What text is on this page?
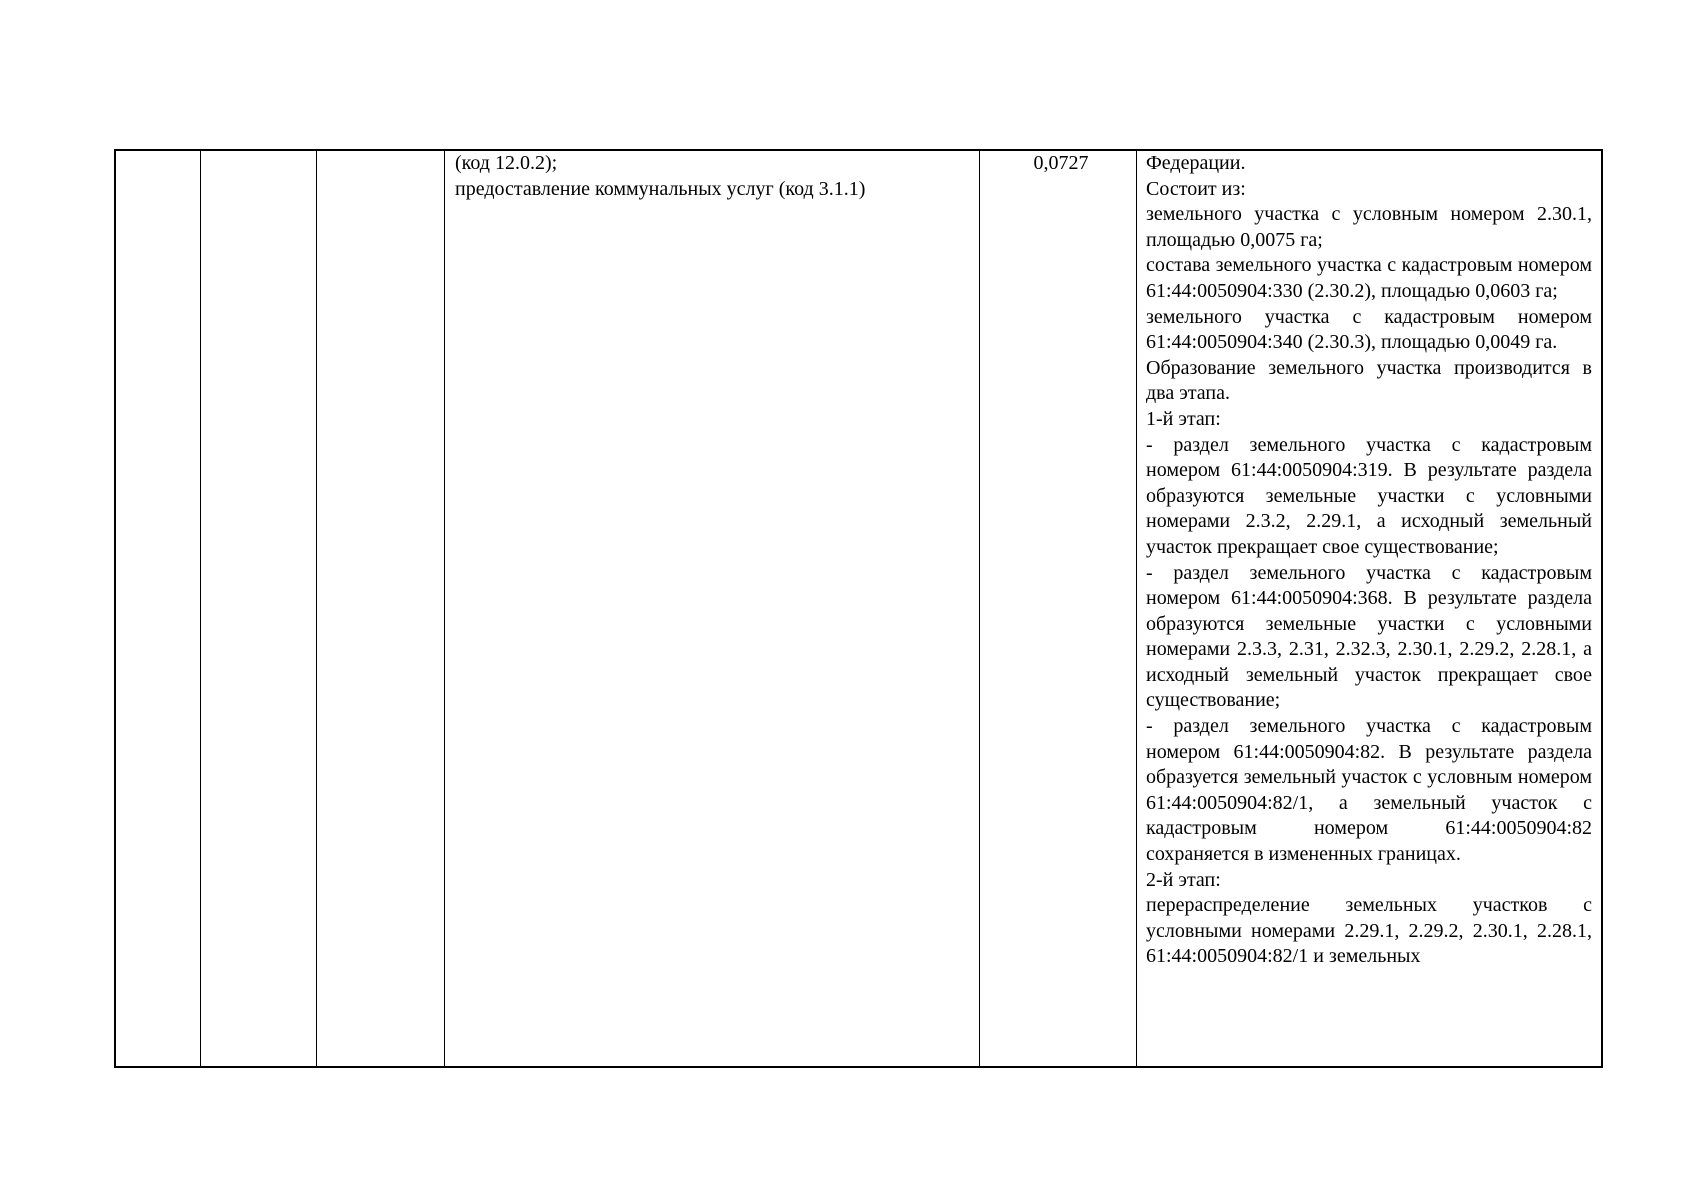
(код 12.0.2);
предоставление коммунальных услуг (код 3.1.1)
0,0727	Федерации.
Состоит из:
земельного участка с условным номером 2.30.1, площадью 0,0075 га;
состава земельного участка с кадастровым номером 61:44:0050904:330 (2.30.2), площадью 0,0603 га;
земельного участка с кадастровым номером 61:44:0050904:340 (2.30.3), площадью 0,0049 га.
Образование земельного участка производится в два этапа.
1-й этап:
- раздел земельного участка с кадастровым номером 61:44:0050904:319. В результате раздела образуются земельные участки с условными номерами 2.3.2, 2.29.1, а исходный земельный участок прекращает свое существование;
- раздел земельного участка с кадастровым номером 61:44:0050904:368. В результате раздела образуются земельные участки с условными номерами 2.3.3, 2.31, 2.32.3, 2.30.1, 2.29.2, 2.28.1, а исходный земельный участок прекращает свое существование;
- раздел земельного участка с кадастровым номером 61:44:0050904:82. В результате раздела образуется земельный участок с условным номером 61:44:0050904:82/1, а земельный участок с кадастровым номером 61:44:0050904:82 сохраняется в измененных границах.
2-й этап:
перераспределение земельных участков с условными номерами 2.29.1, 2.29.2, 2.30.1, 2.28.1, 61:44:0050904:82/1 и земельных
